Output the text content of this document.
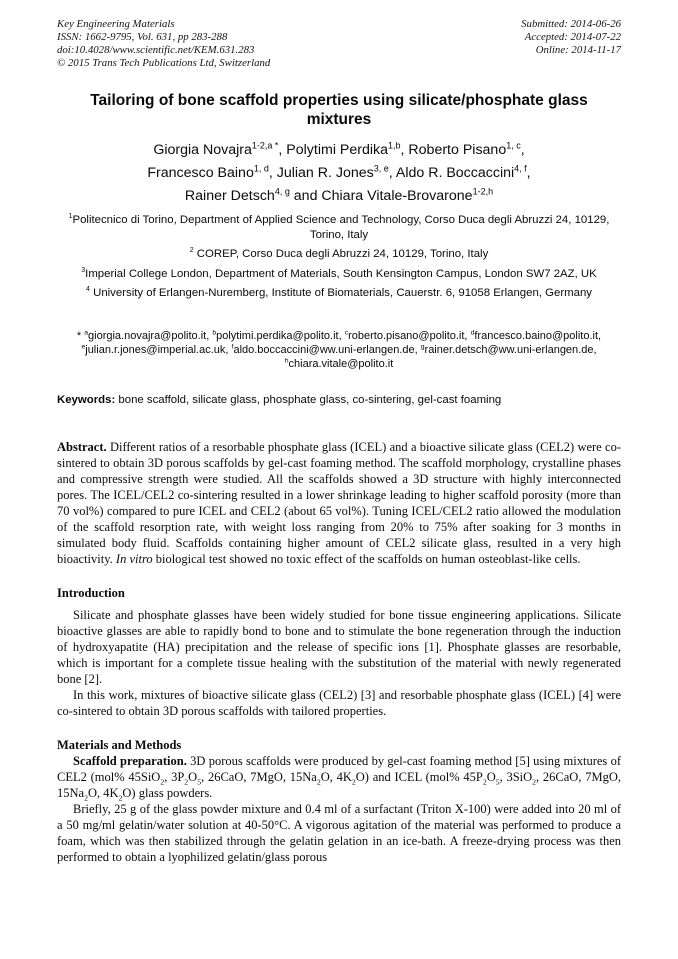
Key Engineering Materials
ISSN: 1662-9795, Vol. 631, pp 283-288
doi:10.4028/www.scientific.net/KEM.631.283
© 2015 Trans Tech Publications Ltd, Switzerland
Submitted: 2014-06-26
Accepted: 2014-07-22
Online: 2014-11-17
Tailoring of bone scaffold properties using silicate/phosphate glass mixtures
Giorgia Novajra$^{1-2,a *}$, Polytimi Perdika$^{1,b}$, Roberto Pisano$^{1, c}$,
Francesco Baino$^{1, d}$, Julian R. Jones$^{3, e}$, Aldo R. Boccaccini$^{4, f}$,
Rainer Detsch$^{4, g}$ and Chiara Vitale-Brovarone$^{1-2,h}$
$^1$Politecnico di Torino, Department of Applied Science and Technology, Corso Duca degli Abruzzi 24, 10129, Torino, Italy
$^2$ COREP, Corso Duca degli Abruzzi 24, 10129, Torino, Italy
$^3$Imperial College London, Department of Materials, South Kensington Campus, London SW7 2AZ, UK
$^4$ University of Erlangen-Nuremberg, Institute of Biomaterials, Cauerstr. 6, 91058 Erlangen, Germany
* $^a$giorgia.novajra@polito.it, $^b$polytimi.perdika@polito.it, $^c$roberto.pisano@polito.it, $^d$francesco.baino@polito.it, $^e$julian.r.jones@imperial.ac.uk, $^f$aldo.boccaccini@ww.uni-erlangen.de, $^g$rainer.detsch@ww.uni-erlangen.de, $^h$chiara.vitale@polito.it
Keywords: bone scaffold, silicate glass, phosphate glass, co-sintering, gel-cast foaming

Abstract. Different ratios of a resorbable phosphate glass (ICEL) and a bioactive silicate glass (CEL2) were co-sintered to obtain 3D porous scaffolds by gel-cast foaming method. The scaffold morphology, crystalline phases and compressive strength were studied. All the scaffolds showed a 3D structure with highly interconnected pores. The ICEL/CEL2 co-sintering resulted in a lower shrinkage leading to higher scaffold porosity (more than 70 vol%) compared to pure ICEL and CEL2 (about 65 vol%). Tuning ICEL/CEL2 ratio allowed the modulation of the scaffold resorption rate, with weight loss ranging from 20% to 75% after soaking for 3 months in simulated body fluid. Scaffolds containing higher amount of CEL2 silicate glass, resulted in a very high bioactivity. In vitro biological test showed no toxic effect of the scaffolds on human osteoblast-like cells.

Introduction

Silicate and phosphate glasses have been widely studied for bone tissue engineering applications. Silicate bioactive glasses are able to rapidly bond to bone and to stimulate the bone regeneration through the induction of hydroxyapatite (HA) precipitation and the release of specific ions [1]. Phosphate glasses are resorbable, which is important for a complete tissue healing with the substitution of the material with newly regenerated bone [2].

In this work, mixtures of bioactive silicate glass (CEL2) [3] and resorbable phosphate glass (ICEL) [4] were co-sintered to obtain 3D porous scaffolds with tailored properties.

Materials and Methods

Scaffold preparation. 3D porous scaffolds were produced by gel-cast foaming method [5] using mixtures of CEL2 (mol% 45SiO$_2$, $3P_2O_5$, 26CaO, 7MgO, $15Na_2O$, $4K_2O$) and ICEL (mol% $45P_2O_5$, 3SiO$_2$, 26CaO, 7MgO, $15Na_2O$, $4K_2O$) glass powders.

Briefly, 25 g of the glass powder mixture and 0.4 ml of a surfactant (Triton X-100) were added into 20 ml of a 50 mg/ml gelatin/water solution at 40-50°C. A vigorous agitation of the material was performed to produce a foam, which was then stabilized through the gelatin gelation in an ice-bath. A freeze-drying process was then performed to obtain a lyophilized gelatin/glass porous
